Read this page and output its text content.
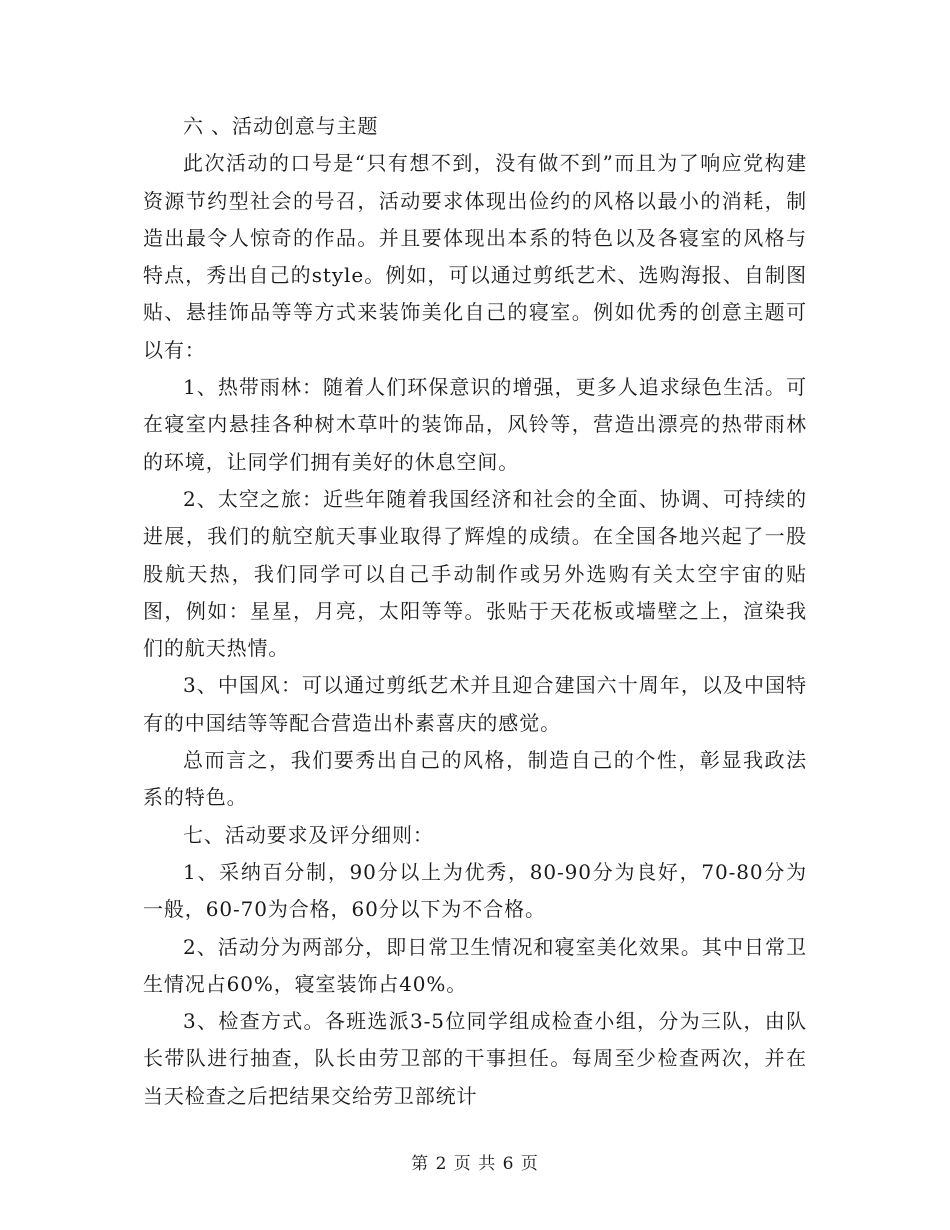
六 、活动创意与主题

此次活动的口号是“只有想不到，没有做不到”而且为了响应党构建资源节约型社会的号召，活动要求体现出俭约的风格以最小的消耗，制造出最令人惊奇的作品。并且要体现出本系的特色以及各寝室的风格与特点，秀出自己的style。例如，可以通过剪纸艺术、选购海报、自制图贴、悬挂饰品等等方式来装饰美化自己的寝室。例如优秀的创意主题可以有：

1、热带雨林：随着人们环保意识的增强，更多人追求绿色生活。可在寝室内悬挂各种树木草叶的装饰品，风铃等，营造出漂亮的热带雨林的环境，让同学们拥有美好的休息空间。

2、太空之旅：近些年随着我国经济和社会的全面、协调、可持续的进展，我们的航空航天事业取得了辉煌的成绩。在全国各地兴起了一股股航天热，我们同学可以自己手动制作或另外选购有关太空宇宙的贴图，例如：星星，月亮，太阳等等。张贴于天花板或墙壁之上，渲染我们的航天热情。

3、中国风：可以通过剪纸艺术并且迎合建国六十周年，以及中国特有的中国结等等配合营造出朴素喜庆的感觉。

总而言之，我们要秀出自己的风格，制造自己的个性，彰显我政法系的特色。

七、活动要求及评分细则：

1、采纳百分制，90分以上为优秀，80-90分为良好，70-80分为一般，60-70为合格，60分以下为不合格。

2、活动分为两部分，即日常卫生情况和寝室美化效果。其中日常卫生情况占60%，寝室装饰占40%。

3、检查方式。各班选派3-5位同学组成检查小组，分为三队，由队长带队进行抽查，队长由劳卫部的干事担任。每周至少检查两次，并在当天检查之后把结果交给劳卫部统计

第 2 页 共 6 页
